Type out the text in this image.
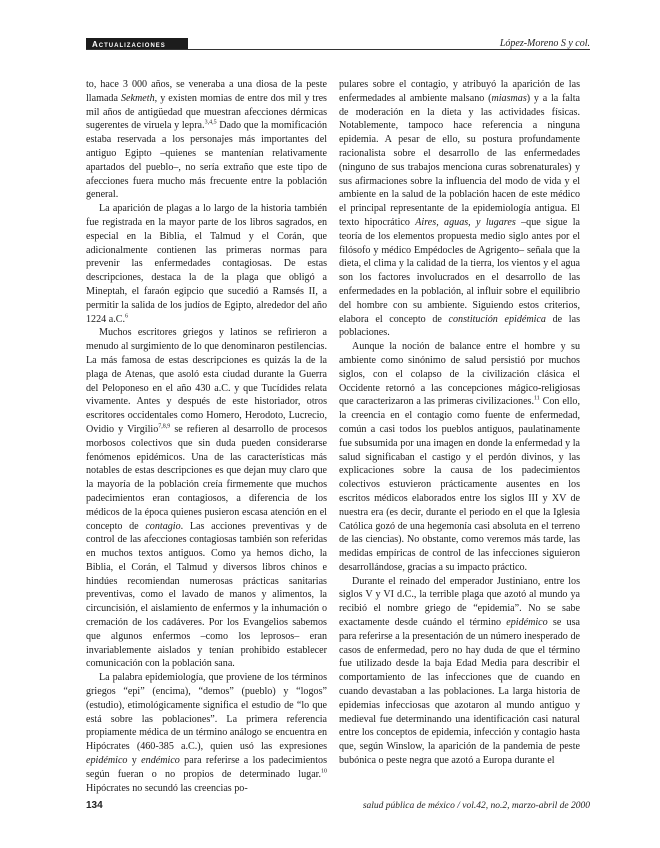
Actualizaciones	López-Moreno S y col.

to, hace 3 000 años, se veneraba a una diosa de la peste llamada Sekmeth, y existen momias de entre dos mil y tres mil años de antigüedad que muestran afecciones dérmicas sugerentes de viruela y lepra.$^{3,4,5}$ Dado que la momificación estaba reservada a los personajes más importantes del antiguo Egipto –quienes se mantenían relativamente apartados del pueblo–, no sería extraño que este tipo de afecciones fuera mucho más frecuente entre la población general.

La aparición de plagas a lo largo de la historia también fue registrada en la mayor parte de los libros sagrados, en especial en la Biblia, el Talmud y el Corán, que adicionalmente contienen las primeras normas para prevenir las enfermedades contagiosas. De estas descripciones, destaca la de la plaga que obligó a Mineptah, el faraón egipcio que sucedió a Ramsés II, a permitir la salida de los judíos de Egipto, alrededor del año 1224 a.C.$^6$

Muchos escritores griegos y latinos se refirieron a menudo al surgimiento de lo que denominaron pestilencias. La más famosa de estas descripciones es quizás la de la plaga de Atenas, que asoló esta ciudad durante la Guerra del Peloponeso en el año 430 a.C. y que Tucídides relata vivamente. Antes y después de este historiador, otros escritores occidentales como Homero, Herodoto, Lucrecio, Ovidio y Virgilio$^{7,8,9}$ se refieren al desarrollo de procesos morbosos colectivos que sin duda pueden considerarse fenómenos epidémicos. Una de las características más notables de estas descripciones es que dejan muy claro que la mayoría de la población creía firmemente que muchos padecimientos eran contagiosos, a diferencia de los médicos de la época quienes pusieron escasa atención en el concepto de contagio. Las acciones preventivas y de control de las afecciones contagiosas también son referidas en muchos textos antiguos. Como ya hemos dicho, la Biblia, el Corán, el Talmud y diversos libros chinos e hindúes recomiendan numerosas prácticas sanitarias preventivas, como el lavado de manos y alimentos, la circuncisión, el aislamiento de enfermos y la inhumación o cremación de los cadáveres. Por los Evangelios sabemos que algunos enfermos –como los leprosos– eran invariablemente aislados y tenían prohibido establecer comunicación con la población sana.

La palabra epidemiología, que proviene de los términos griegos “epi” (encima), “demos” (pueblo) y “logos” (estudio), etimológicamente significa el estudio de “lo que está sobre las poblaciones”. La primera referencia propiamente médica de un término análogo se encuentra en Hipócrates (460-385 a.C.), quien usó las expresiones epidémico y endémico para referirse a los padecimientos según fueran o no propios de determinado lugar.$^{10}$ Hipócrates no secundó las creencias po-

pulares sobre el contagio, y atribuyó la aparición de las enfermedades al ambiente malsano (miasmas) y a la falta de moderación en la dieta y las actividades físicas. Notablemente, tampoco hace referencia a ninguna epidemia. A pesar de ello, su postura profundamente racionalista sobre el desarrollo de las enfermedades (ninguno de sus trabajos menciona curas sobrenaturales) y sus afirmaciones sobre la influencia del modo de vida y el ambiente en la salud de la población hacen de este médico el principal representante de la epidemiología antigua. El texto hipocrático Aires, aguas, y lugares –que sigue la teoría de los elementos propuesta medio siglo antes por el filósofo y médico Empédocles de Agrigento– señala que la dieta, el clima y la calidad de la tierra, los vientos y el agua son los factores involucrados en el desarrollo de las enfermedades en la población, al influir sobre el equilibrio del hombre con su ambiente. Siguiendo estos criterios, elabora el concepto de constitución epidémica de las poblaciones.

Aunque la noción de balance entre el hombre y su ambiente como sinónimo de salud persistió por muchos siglos, con el colapso de la civilización clásica el Occidente retornó a las concepciones mágico-religiosas que caracterizaron a las primeras civilizaciones.$^{11}$ Con ello, la creencia en el contagio como fuente de enfermedad, común a casi todos los pueblos antiguos, paulatinamente fue subsumida por una imagen en donde la enfermedad y la salud significaban el castigo y el perdón divinos, y las explicaciones sobre la causa de los padecimientos colectivos estuvieron prácticamente ausentes en los escritos médicos elaborados entre los siglos III y XV de nuestra era (es decir, durante el periodo en el que la Iglesia Católica gozó de una hegemonía casi absoluta en el terreno de las ciencias). No obstante, como veremos más tarde, las medidas empíricas de control de las infecciones siguieron desarrollándose, gracias a su impacto práctico.

Durante el reinado del emperador Justiniano, entre los siglos V y VI d.C., la terrible plaga que azotó al mundo ya recibió el nombre griego de “epidemia”. No se sabe exactamente desde cuándo el término epidémico se usa para referirse a la presentación de un número inesperado de casos de enfermedad, pero no hay duda de que el término fue utilizado desde la baja Edad Media para describir el comportamiento de las infecciones que de cuando en cuando devastaban a las poblaciones. La larga historia de epidemias infecciosas que azotaron al mundo antiguo y medieval fue determinando una identificación casi natural entre los conceptos de epidemia, infección y contagio hasta que, según Winslow, la aparición de la pandemia de peste bubónica o peste negra que azotó a Europa durante el

134	salud pública de méxico / vol.42, no.2, marzo-abril de 2000
